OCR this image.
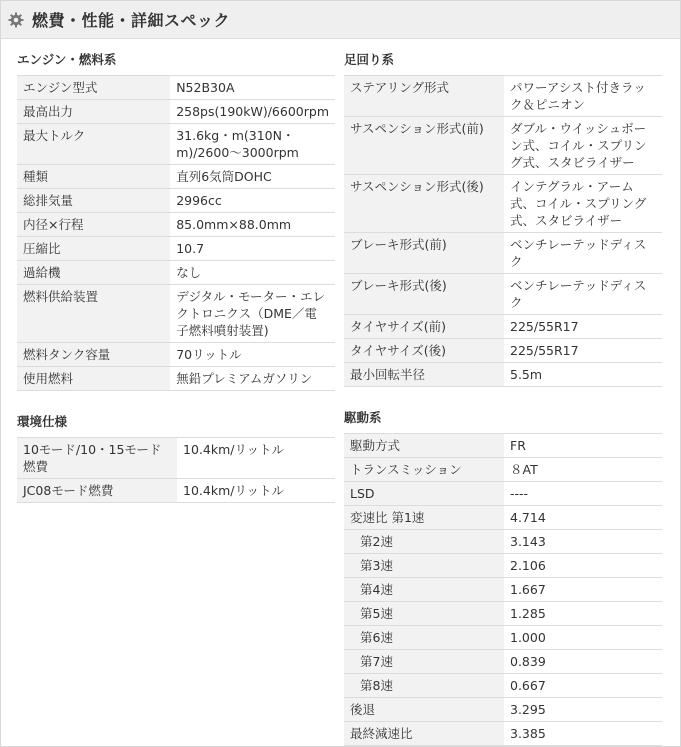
燃費・性能・詳細スペック
エンジン・燃料系
エンジン型式	N52B30A
最高出力	258ps(190kW)/6600rpm
最大トルク	31.6kg・m(310N・m)/2600～3000rpm
種類	直列6気筒DOHC
総排気量	2996cc
内径×行程	85.0mm×88.0mm
圧縮比	10.7
過給機	なし
燃料供給装置	デジタル・モーター・エレクトロニクス（DME／電子燃料噴射装置)
燃料タンク容量	70リットル
使用燃料	無鉛プレミアムガソリン
環境仕様
10モード/10・15モード燃費	10.4km/リットル
JC08モード燃費	10.4km/リットル
足回り系
ステアリング形式	パワーアシスト付きラック＆ピニオン
サスペンション形式(前)	ダブル・ウイッシュボーン式、コイル・スプリング式、スタビライザー
サスペンション形式(後)	インテグラル・アーム式、コイル・スプリング式、スタビライザー
ブレーキ形式(前)	ベンチレーテッドディスク
ブレーキ形式(後)	ベンチレーテッドディスク
タイヤサイズ(前)	225/55R17
タイヤサイズ(後)	225/55R17
最小回転半径	5.5m
駆動系
駆動方式	FR
トランスミッション	８AT
LSD	----
変速比 第1速	4.714
第2速	3.143
第3速	2.106
第4速	1.667
第5速	1.285
第6速	1.000
第7速	0.839
第8速	0.667
後退	3.295
最終減速比	3.385
